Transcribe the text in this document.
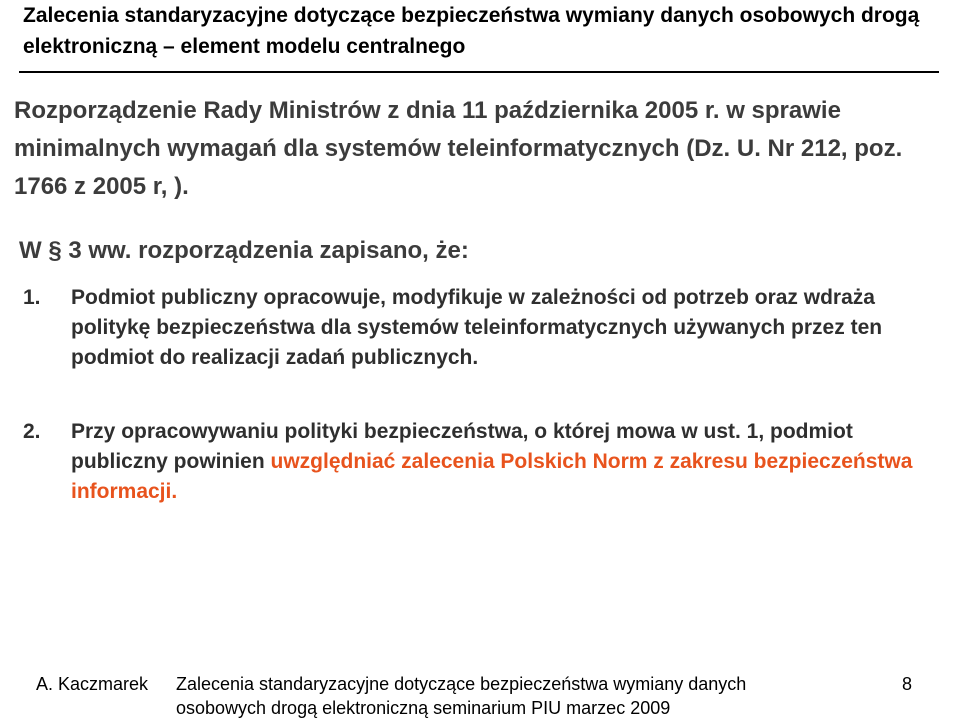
Zalecenia standaryzacyjne dotyczące bezpieczeństwa wymiany danych osobowych drogą elektroniczną – element modelu centralnego
Rozporządzenie Rady Ministrów z dnia 11 października 2005 r. w sprawie minimalnych wymagań dla systemów teleinformatycznych (Dz. U. Nr 212, poz. 1766 z 2005 r, ).
W § 3 ww. rozporządzenia zapisano, że:
1.	Podmiot publiczny opracowuje, modyfikuje w zależności od potrzeb oraz wdraża politykę bezpieczeństwa dla systemów teleinformatycznych używanych przez ten podmiot do realizacji zadań publicznych.
2.	Przy opracowywaniu polityki bezpieczeństwa, o której mowa w ust. 1, podmiot publiczny powinien uwzględniać zalecenia Polskich Norm z zakresu bezpieczeństwa informacji.
A. Kaczmarek Zalecenia standaryzacyjne dotyczące bezpieczeństwa wymiany danych osobowych drogą elektroniczną seminarium PIU marzec 2009
8
